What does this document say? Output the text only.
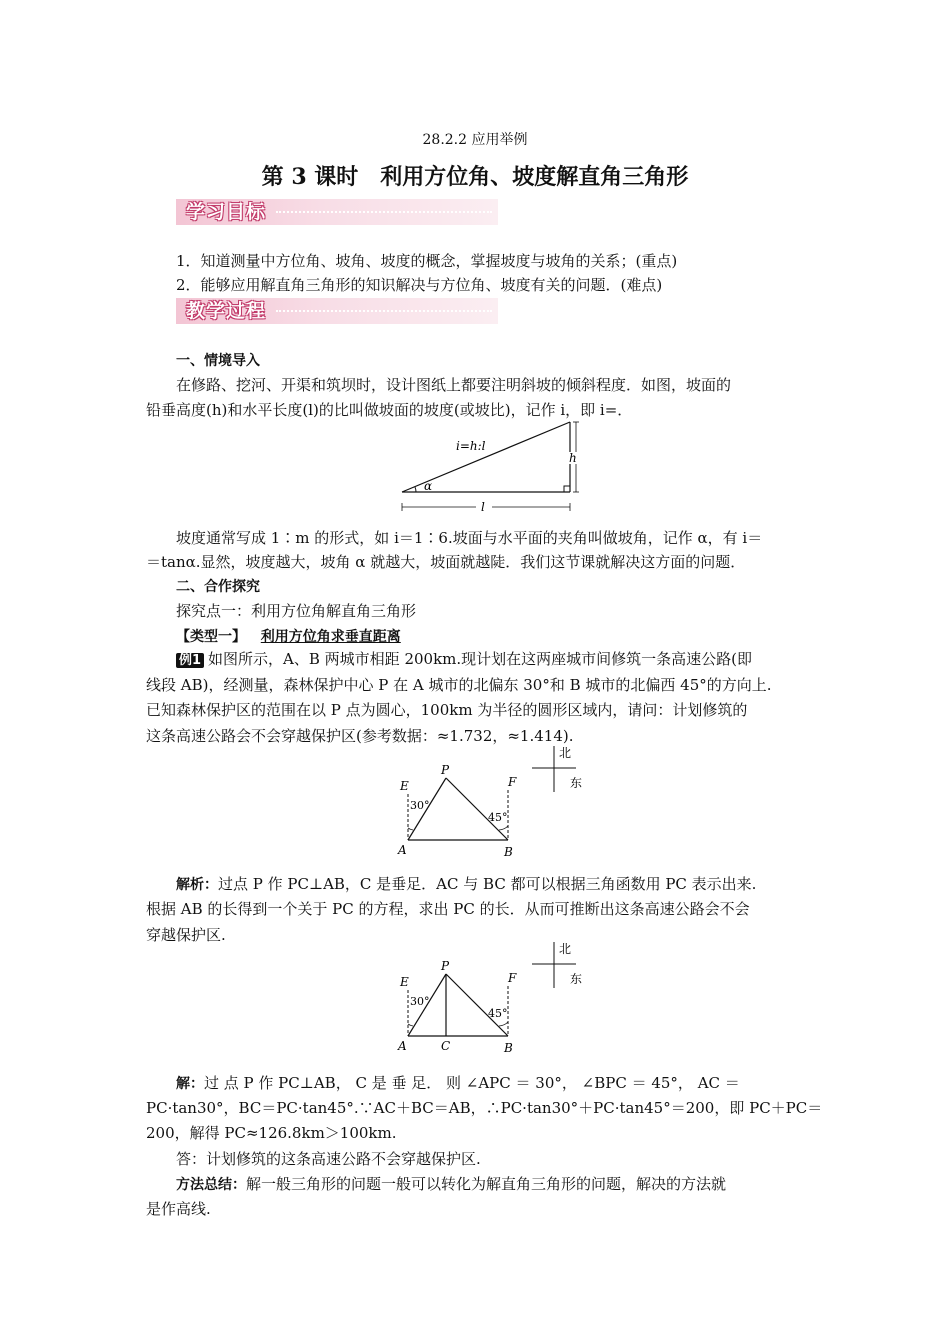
28.2.2 应用举例
第 3 课时　利用方位角、坡度解直角三角形
学习目标
1．知道测量中方位角、坡角、坡度的概念，掌握坡度与坡角的关系；(重点)
2．能够应用解直角三角形的知识解决与方位角、坡度有关的问题．(难点)
教学过程
一、情境导入
在修路、挖河、开渠和筑坝时，设计图纸上都要注明斜坡的倾斜程度．如图，坡面的
铅垂高度(h)和水平长度(l)的比叫做坡面的坡度(或坡比)，记作 i，即 i=．
i=h:l
h
l
α
坡度通常写成 1∶m 的形式，如 i＝1∶6.坡面与水平面的夹角叫做坡角，记作 α，有 i＝
＝tanα.显然，坡度越大，坡角 α 就越大，坡面就越陡．我们这节课就解决这方面的问题．
二、合作探究
探究点一：利用方位角解直角三角形
【类型一】 利用方位角求垂直距离
例1 如图所示，A、B 两城市相距 200km.现计划在这两座城市间修筑一条高速公路(即
线段 AB)，经测量，森林保护中心 P 在 A 城市的北偏东 30°和 B 城市的北偏西 45°的方向上.
已知森林保护区的范围在以 P 点为圆心，100km 为半径的圆形区域内，请问：计划修筑的
这条高速公路会不会穿越保护区(参考数据：≈1.732，≈1.414).
P
E	F
A	B
30°
45°
北
东
解析：过点 P 作 PC⊥AB，C 是垂足．AC 与 BC 都可以根据三角函数用 PC 表示出来.
根据 AB 的长得到一个关于 PC 的方程，求出 PC 的长．从而可推断出这条高速公路会不会
穿越保护区.
P
E	F
A	C	B
30°
45°
北
东
解：过 点 P 作 PC⊥AB， C 是 垂 足． 则 ∠APC ＝ 30°， ∠BPC ＝ 45°， AC ＝
PC·tan30°，BC＝PC·tan45°.∵AC＋BC＝AB，∴PC·tan30°＋PC·tan45°＝200，即 PC＋PC＝
200，解得 PC≈126.8km＞100km.
答：计划修筑的这条高速公路不会穿越保护区.
方法总结：解一般三角形的问题一般可以转化为解直角三角形的问题，解决的方法就
是作高线.
